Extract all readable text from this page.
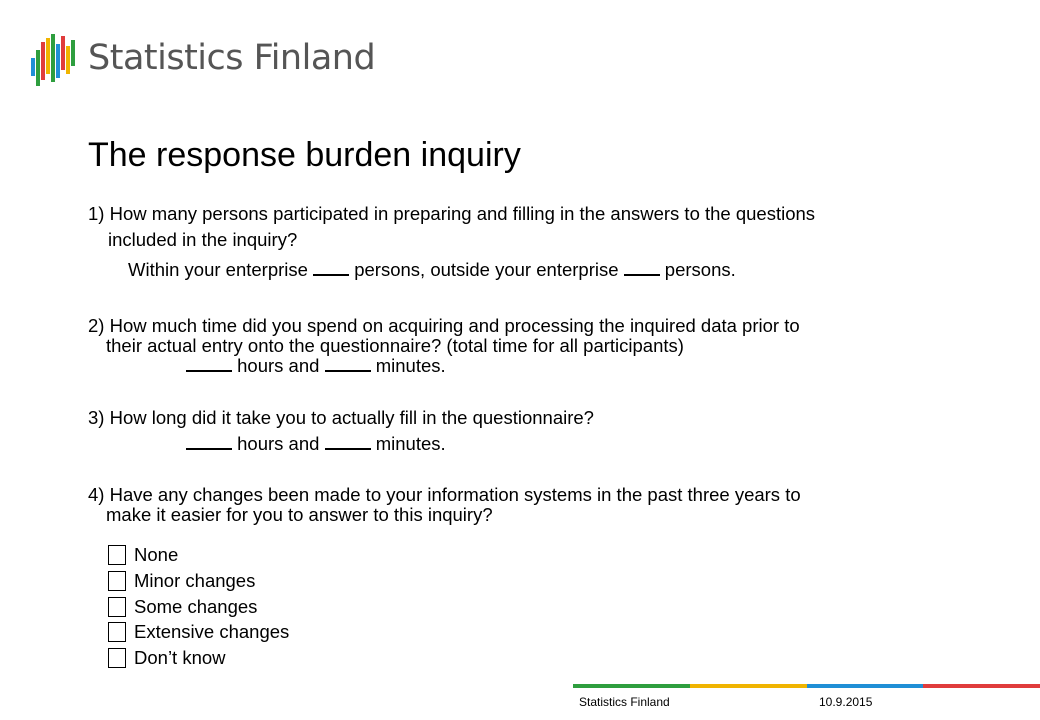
Statistics Finland
The response burden inquiry
1) How many persons participated in preparing and filling in the answers to the questions
included in the inquiry?
Within your enterprise	persons, outside your enterprise	persons.
2) How much time did you spend on acquiring and processing the inquired data prior to
their actual entry onto the questionnaire? (total time for all participants)
hours and	minutes.
3) How long did it take you to actually fill in the questionnaire?
hours and	minutes.
4) Have any changes been made to your information systems in the past three years to
make it easier for you to answer to this inquiry?
None
Minor changes
Some changes
Extensive changes
Don’t know
Statistics Finland	10.9.2015
